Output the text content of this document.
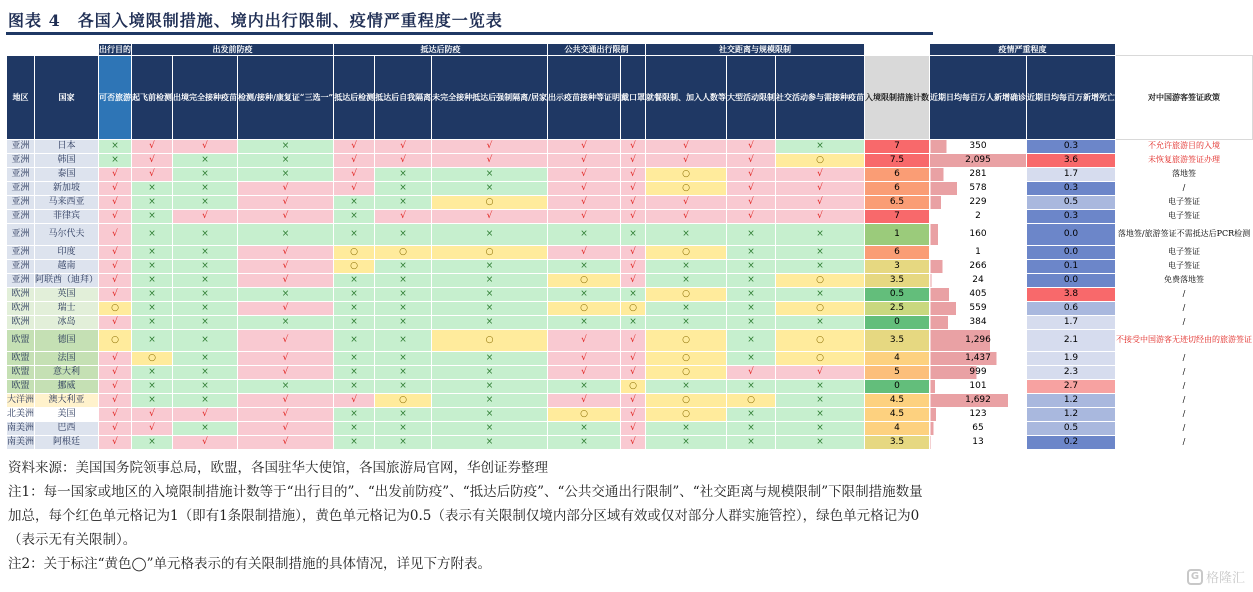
图表 4　各国入境限制措施、境内出行限制、疫情严重程度一览表
		出行目的	出发前防疫			抵达后防疫			公共交通出行限制		社交距离与规模限制				疫情严重程度		
地区	国家	可否旅游	起飞前检测	出境完全接种疫苗	检测/接种/康复证“三选一”	抵达后检测	抵达后自我隔离	未完全接种抵达后强制隔离/居家	出示疫苗接种等证明	戴口罩	就餐限制、加入人数等	大型活动限制	社交活动参与需接种疫苗	入境限制措施计数	近期日均每百万人新增确诊	近期日均每百万新增死亡	对中国游客签证政策
亚洲	日本	×	√	√	×	√	√	√	√	√	√	√	×	7	350	0.3	不允许旅游目的入境
亚洲	韩国	×	√	×	×	√	√	√	√	√	√	√	○	7.5	2,095	3.6	未恢复旅游签证办理
亚洲	泰国	√	√	×	×	√	×	×	√	√	○	√	√	6	281	1.7	落地签
亚洲	新加坡	√	×	×	√	√	×	×	√	√	○	√	√	6	578	0.3	/
亚洲	马来西亚	√	×	×	√	×	×	○	√	√	√	√	√	6.5	229	0.5	电子签证
亚洲	菲律宾	√	×	√	√	×	√	√	√	√	√	√	√	7	2	0.3	电子签证
亚洲	马尔代夫	√	×	×	×	×	×	×	×	×	×	×	×	1	160	0.0	落地签/旅游签证不需抵达后PCR检测
亚洲	印度	√	×	×	√	○	○	○	√	√	○	×	×	6	1	0.0	电子签证
亚洲	越南	√	×	×	√	○	×	×	×	√	×	×	×	3	266	0.1	电子签证
亚洲	阿联酋（迪拜）	√	×	×	√	×	×	×	○	√	×	×	○	3.5	24	0.0	免费落地签
欧洲	英国	√	×	×	×	×	×	×	×	×	○	×	×	0.5	405	3.8	/
欧洲	瑞士	○	×	×	√	×	×	×	○	○	×	×	○	2.5	559	0.6	/
欧洲	冰岛	√	×	×	×	×	×	×	×	×	×	×	×	0	384	1.7	/
欧盟	德国	○	×	×	√	×	×	○	√	√	○	×	○	3.5	1,296	2.1	不接受中国游客无迹切经由的旅游签证
欧盟	法国	√	○	×	√	×	×	×	√	√	○	×	○	4	1,437	1.9	/
欧盟	意大利	√	×	×	√	×	×	×	√	√	○	√	√	5	999	2.3	/
欧盟	挪威	√	×	×	×	×	×	×	×	○	×	×	×	0	101	2.7	/
大洋洲	澳大利亚	√	×	×	√	√	○	×	√	√	○	○	×	4.5	1,692	1.2	/
北美洲	美国	√	√	√	√	×	×	×	○	√	○	×	×	4.5	123	1.2	/
南美洲	巴西	√	√	×	√	×	×	×	×	√	×	×	×	4	65	0.5	/
南美洲	阿根廷	√	×	√	√	×	×	×	×	√	×	×	×	3.5	13	0.2	/

资料来源：美国国务院领事总局，欧盟，各国驻华大使馆，各国旅游局官网，华创证券整理

注1：每一国家或地区的入境限制措施计数等于“出行目的”、“出发前防疫”、“抵达后防疫”、“公共交通出行限制”、“社交距离与规模限制”下限制措施数量加总，每个红色单元格记为1（即有1条限制措施），黄色单元格记为0.5（表示有关限制仅境内部分区域有效或仅对部分人群实施管控），绿色单元格记为0（表示无有关限制）。

注2：关于标注“黄色◯”单元格表示的有关限制措施的具体情况，详见下方附表。

G 格隆汇
